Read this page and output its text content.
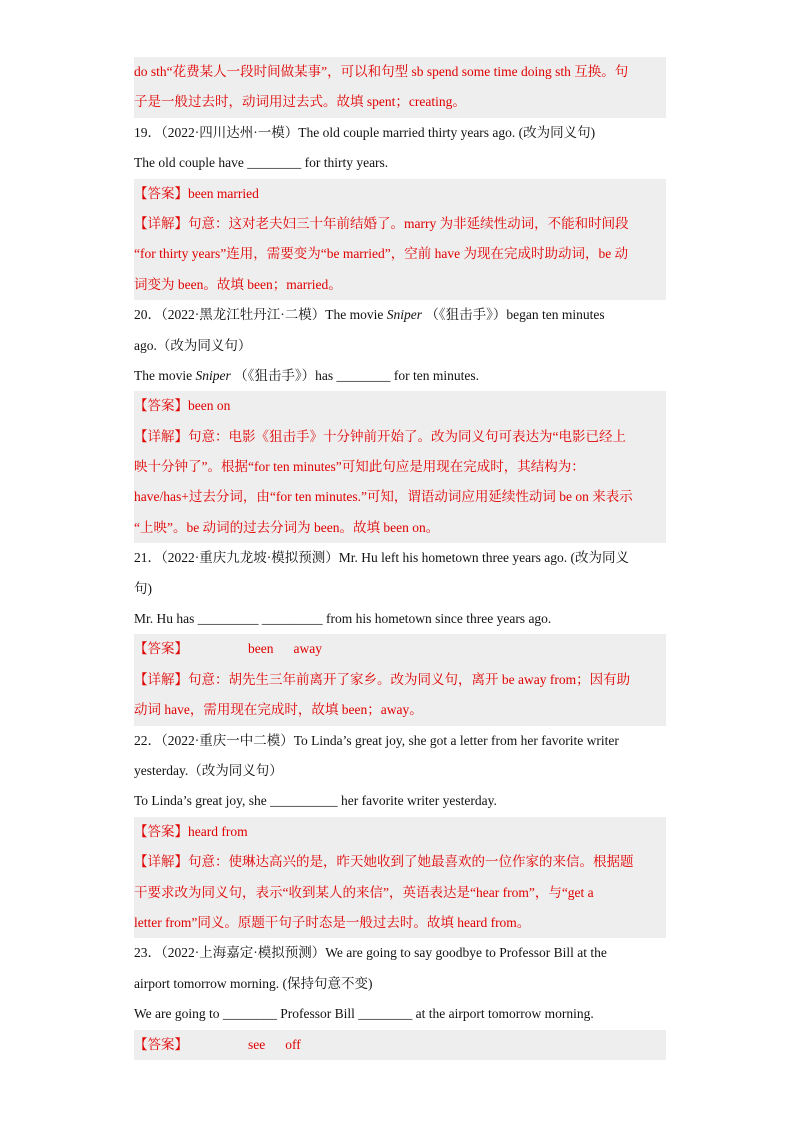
do sth“花费某人一段时间做某事”，可以和句型 sb spend some time doing sth 互换。句
子是一般过去时，动词用过去式。故填 spent；creating。
19．（2022·四川达州·一模）The old couple married thirty years ago. (改为同义句)
The old couple have ________ for thirty years.
【答案】been married
【详解】句意：这对老夫妇三十年前结婚了。marry 为非延续性动词，不能和时间段
“for thirty years”连用，需要变为“be married”，空前 have 为现在完成时助动词，be 动
词变为 been。故填 been；married。
20．（2022·黑龙江牡丹江·二模）The movie Sniper （《狙击手》）began ten minutes
ago.（改为同义句）
The movie Sniper （《狙击手》）has ________ for ten minutes.
【答案】been on
【详解】句意：电影《狙击手》十分钟前开始了。改为同义句可表达为“电影已经上
映十分钟了”。根据“for ten minutes”可知此句应是用现在完成时，其结构为：
have/has+过去分词，由“for ten minutes.”可知，谓语动词应用延续性动词 be on 来表示
“上映”。be 动词的过去分词为 been。故填 been on。
21．（2022·重庆九龙坡·模拟预测）Mr. Hu left his hometown three years ago. (改为同义
句)
Mr. Hu has _________ _________ from his hometown since three years ago.
【答案】	been away
【详解】句意：胡先生三年前离开了家乡。改为同义句，离开 be away from；因有助
动词 have，需用现在完成时，故填 been；away。
22．（2022·重庆一中二模）To Linda’s great joy, she got a letter from her favorite writer
yesterday.（改为同义句）
To Linda’s great joy, she __________ her favorite writer yesterday.
【答案】heard from
【详解】句意：使琳达高兴的是，昨天她收到了她最喜欢的一位作家的来信。根据题
干要求改为同义句，表示“收到某人的来信”，英语表达是“hear from”，与“get a
letter from”同义。原题干句子时态是一般过去时。故填 heard from。
23．（2022·上海嘉定·模拟预测）We are going to say goodbye to Professor Bill at the
airport tomorrow morning. (保持句意不变)
We are going to ________ Professor Bill ________ at the airport tomorrow morning.
【答案】	see off
